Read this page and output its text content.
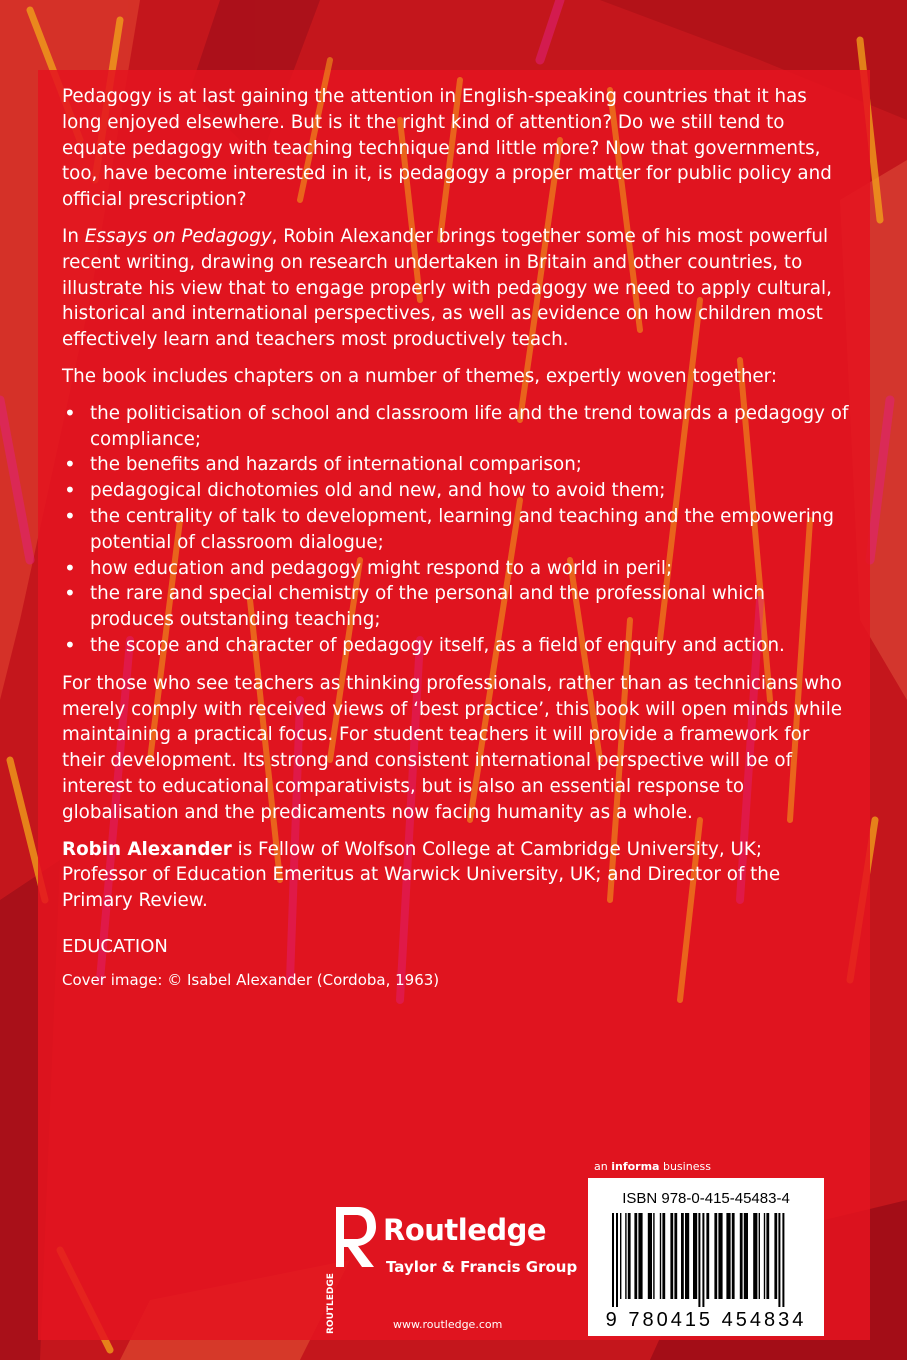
Pedagogy is at last gaining the attention in English-speaking countries that it has long enjoyed elsewhere. But is it the right kind of attention? Do we still tend to equate pedagogy with teaching technique and little more? Now that governments, too, have become interested in it, is pedagogy a proper matter for public policy and official prescription?

In Essays on Pedagogy, Robin Alexander brings together some of his most powerful recent writing, drawing on research undertaken in Britain and other countries, to illustrate his view that to engage properly with pedagogy we need to apply cultural, historical and international perspectives, as well as evidence on how children most effectively learn and teachers most productively teach.

The book includes chapters on a number of themes, expertly woven together:

• the politicisation of school and classroom life and the trend towards a pedagogy of compliance;
• the benefits and hazards of international comparison;
• pedagogical dichotomies old and new, and how to avoid them;
• the centrality of talk to development, learning and teaching and the empowering potential of classroom dialogue;
• how education and pedagogy might respond to a world in peril;
• the rare and special chemistry of the personal and the professional which produces outstanding teaching;
• the scope and character of pedagogy itself, as a field of enquiry and action.

For those who see teachers as thinking professionals, rather than as technicians who merely comply with received views of ‘best practice’, this book will open minds while maintaining a practical focus. For student teachers it will provide a framework for their development. Its strong and consistent international perspective will be of interest to educational comparativists, but is also an essential response to globalisation and the predicaments now facing humanity as a whole.

Robin Alexander is Fellow of Wolfson College at Cambridge University, UK; Professor of Education Emeritus at Warwick University, UK; and Director of the Primary Review.

EDUCATION
Cover image: © Isabel Alexander (Cordoba, 1963)
ROUTLEDGE
Routledge
Taylor & Francis Group
www.routledge.com
an informa business
ISBN 978-0-415-45483-4
9 780415 454834
